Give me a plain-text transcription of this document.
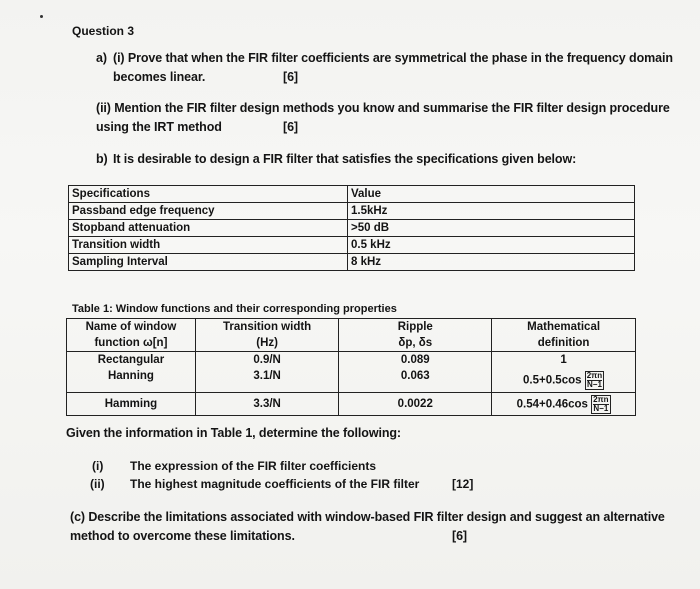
Question 3
a) (i) Prove that when the FIR filter coefficients are symmetrical the phase in the frequency domain
becomes linear.	[6]
(ii) Mention the FIR filter design methods you know and summarise the FIR filter design procedure
using the IRT method	[6]
b) It is desirable to design a FIR filter that satisfies the specifications given below:
Specifications	Value
Passband edge frequency	1.5kHz
Stopband attenuation	>50 dB
Transition width	0.5 kHz
Sampling Interval	8 kHz
Table 1: Window functions and their corresponding properties
Name of window	Transition width	Ripple	Mathematical
function ω[n]	(Hz)	δp, δs	definition
Rectangular	0.9/N	0.089	1
Hanning	3.1/N	0.063	$0.5+0.5\cos \frac{2\pi n}{N-1}$

Hamming	3.3/N	0.0022	$0.54+0.46\cos \frac{2\pi n}{N-1}$
Given the information in Table 1, determine the following:
(i) The expression of the FIR filter coefficients
(ii) The highest magnitude coefficients of the FIR filter	[12]
(c) Describe the limitations associated with window-based FIR filter design and suggest an alternative
method to overcome these limitations.	[6]
